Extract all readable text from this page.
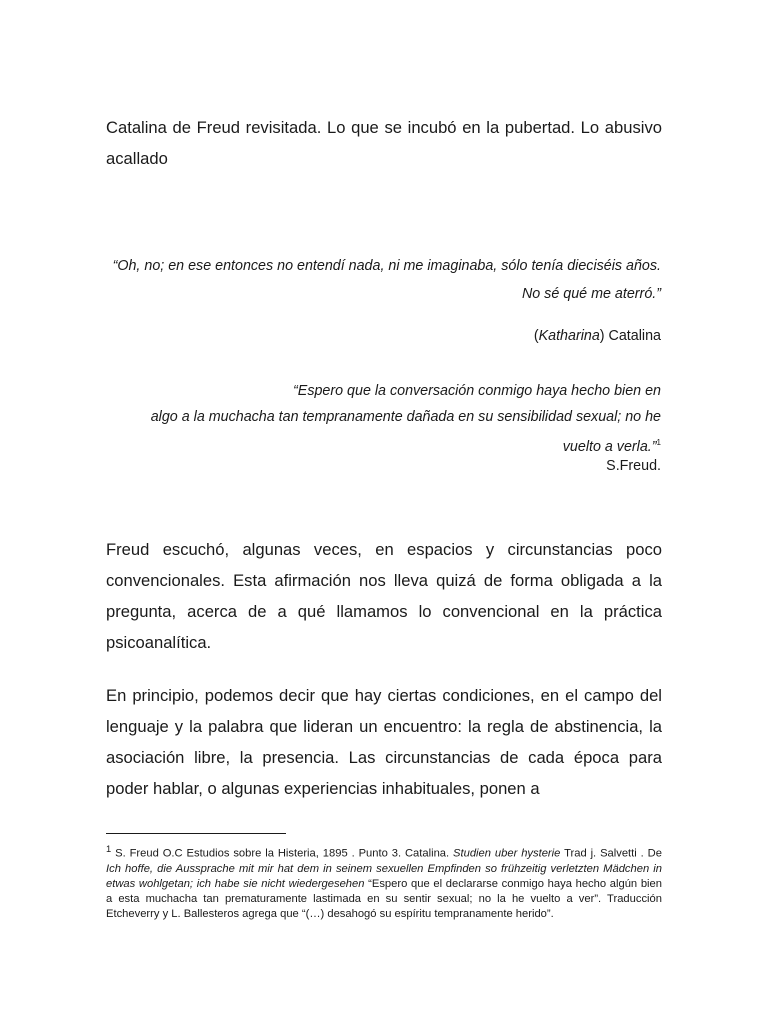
Catalina de Freud revisitada. Lo que se incubó en la pubertad. Lo abusivo acallado
“Oh, no; en ese entonces no entendí nada, ni me imaginaba, sólo tenía dieciséis años. No sé qué me aterró.”
(Katharina) Catalina
“Espero que la conversación conmigo haya hecho bien en
algo a la muchacha tan tempranamente dañada en su sensibilidad sexual; no he
vuelto a verla.”$^1$
S.Freud.
Freud escuchó, algunas veces, en espacios y circunstancias poco convencionales. Esta afirmación nos lleva quizá de forma obligada a la pregunta, acerca de a qué llamamos lo convencional en la práctica psicoanalítica.
En principio, podemos decir que hay ciertas condiciones, en el campo del lenguaje y la palabra que lideran un encuentro: la regla de abstinencia, la asociación libre, la presencia. Las circunstancias de cada época para poder hablar, o algunas experiencias inhabituales, ponen a
$^1$ S. Freud O.C Estudios sobre la Histeria, 1895 . Punto 3. Catalina. Studien uber hysterie Trad j. Salvetti . De Ich hoffe, die Aussprache mit mir hat dem in seinem sexuellen Empfinden so frühzeitig verletzten Mädchen in etwas wohlgetan; ich habe sie nicht wiedergesehen “Espero que el declararse conmigo haya hecho algún bien a esta muchacha tan prematuramente lastimada en su sentir sexual; no la he vuelto a ver”. Traducción Etcheverry y L. Ballesteros agrega que “(…) desahogó su espíritu tempranamente herido”.
